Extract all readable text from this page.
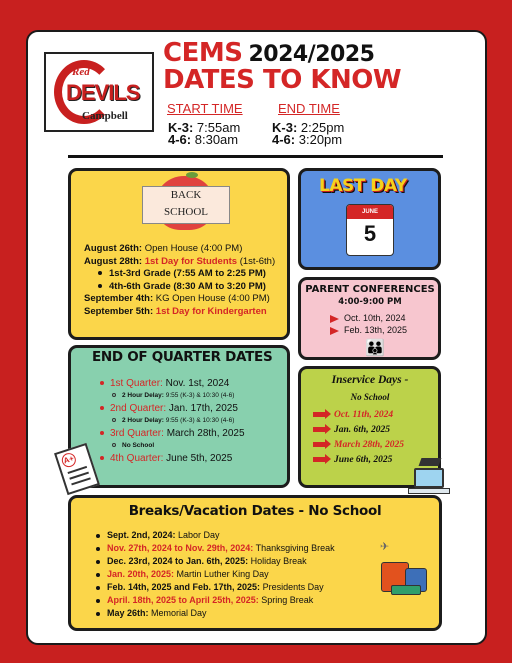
Red
DEVILS
Campbell
CEMS 2024/2025
DATES TO KNOW
START TIME
K-3: 7:55am
4-6: 8:30am
END TIME
K-3: 2:25pm
4-6: 3:20pm
BACK
SCHOOL
August 26th: Open House (4:00 PM)
August 28th: 1st Day for Students (1st-6th)
1st-3rd Grade (7:55 AM to 2:25 PM)
4th-6th Grade (8:30 AM to 3:20 PM)
September 4th: KG Open House (4:00 PM)
September 5th: 1st Day for Kindergarten
LAST DAY
JUNE
5
PARENT CONFERENCES
4:00-9:00 PM
Oct. 10th, 2024
Feb. 13th, 2025
👪
END OF QUARTER DATES
1st Quarter: Nov. 1st, 2024
2 Hour Delay: 9:55 (K-3) & 10:30 (4-6)
2nd Quarter: Jan. 17th, 2025
2 Hour Delay: 9:55 (K-3) & 10:30 (4-6)
3rd Quarter: March 28th, 2025
No School
4th Quarter: June 5th, 2025
A+
Inservice Days -
No School
Oct. 11th, 2024
Jan. 6th, 2025
March 28th, 2025
June 6th, 2025
Breaks/Vacation Dates - No School
Sept. 2nd, 2024: Labor Day
Nov. 27th, 2024 to Nov. 29th, 2024: Thanksgiving Break
Dec. 23rd, 2024 to Jan. 6th, 2025: Holiday Break
Jan. 20th, 2025: Martin Luther King Day
Feb. 14th, 2025 and Feb. 17th, 2025: Presidents Day
April. 18th, 2025 to April 25th, 2025: Spring Break
May 26th: Memorial Day
✈
